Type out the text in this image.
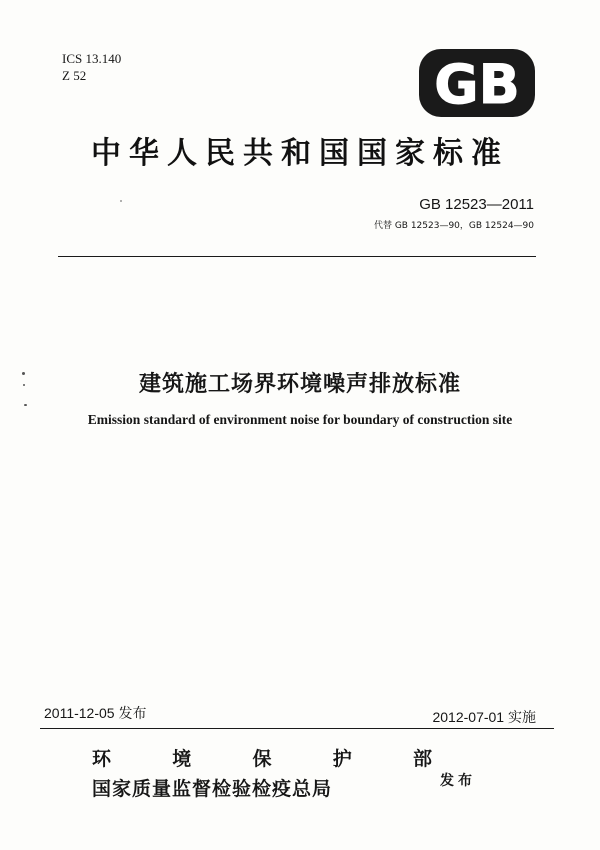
ICS 13.140
Z 52	GB
中华人民共和国国家标准
GB 12523—2011
代替 GB 12523—90，GB 12524—90
建筑施工场界环境噪声排放标准
Emission standard of environment noise for boundary of construction site
2011-12-05 发布	2012-07-01 实施
环	境	保	护	部
国家质量监督检验检疫总局	发布
